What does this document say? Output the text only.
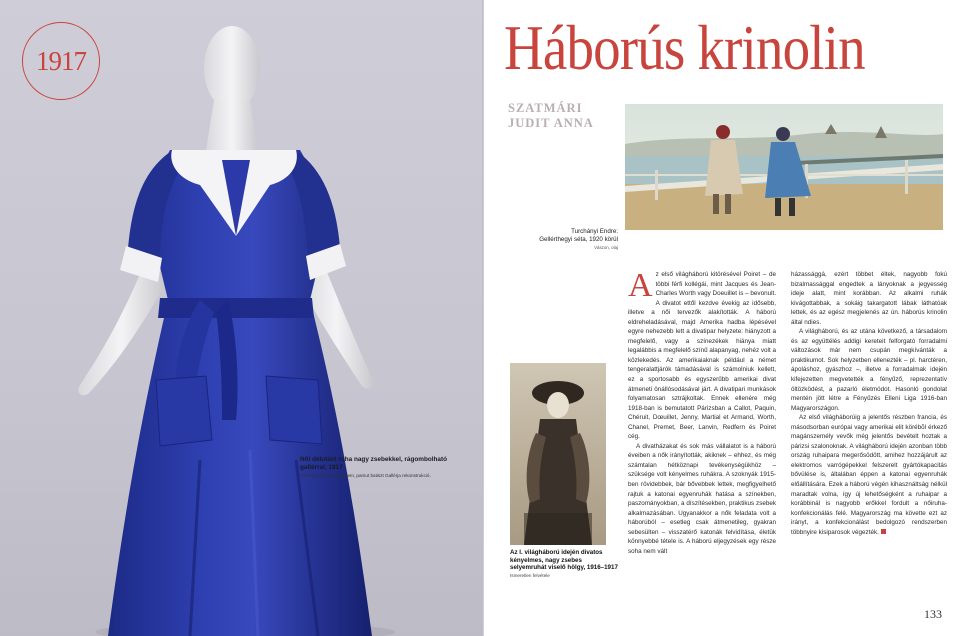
1917
Női délutáni ruha nagy zsebekkel, rágombolható gallérral, 1917
Vékony viszkóz taftselyem, pamut batiszt Gallérja rekonstrukció.
Háborús krinolin
SZATMÁRI
JUDIT ANNA
Turchányi Endre:
Gellérthegyi séta, 1920 körül
Vászon, olaj
Az I. világháború idején divatos kényelmes, nagy zsebes selyemruhát viselő hölgy, 1916–1917
Ismeretlen felvétele

Az első világháború kitörésével Poiret – de többi férfi kollégái, mint Jacques és Jean-Charles Worth vagy Doeuillet is – bevonult. A divatot ettől kezdve évekig az idősebb, illetve a női tervezők alakították. A háború eldreheladásával, majd Amerika hadba lépésével egyre nehezebb lett a divatipar helyzete: hiányzott a megfelelő, vagy a színezékek hiánya miatt legalábbis a megfelelő színű alapanyag, nehéz volt a közlekedés. Az amerikaiaknak például a német tengeralattjárók támadásával is számolniuk kellett, ez a sportosabb és egyszerűbb amerikai divat átmeneti önállósodásával járt. A divatipari munkások folyamatosan sztrájkoltak. Ennek ellenére még 1918-ban is bemutatott Párizsban a Callot, Paquin, Chéruit, Dœuillet, Jenny, Martial et Armand, Worth, Chanel, Premet, Beer, Lanvin, Redfern és Poiret cég.

A divatházakat és sok más vállalatot is a háború éveiben a nők irányították, akiknek – ehhez, és még számtalan hétköznapi tevékenységükhöz – szüksége volt kényelmes ruhákra. A szoknyák 1915-ben rövidebbek, bár bővebbek lettek, megfigyelhető rajtuk a katonai egyenruhák hatása a színekben, paszományokban, a díszítésekben, praktikus zsebek alkalmazásában. Ugyanakkor a nők feladata volt a háborúból – esetleg csak átmenetileg, gyakran sebesülten – visszatérő katonák felvidítása, életük könnyebbé tétele is. A háború eljegyzések egy része soha nem vált

házassággá, ezért többet éltek, nagyobb fokú bizalmassággal engedtek a lányoknak a jegyesség ideje alatt, mint korábban. Az alkalmi ruhák kivágottabbak, a sokáig takargatott lábak láthatóak lettek, és az egész megjelenés az ún. háborús krinolin által ndies.

A világháború, és az utána következő, a társadalom és az együttélés addigi kereteit felforgató forradalmi változások már nem csupán megkívánták a praktikumot. Sok helyzetben ellenezték – pl. harctéren, ápoláshoz, gyászhoz –, illetve a forradalmak idején kifejezetten megvetették a fényűző, reprezentatív öltözködést, a pazarló életmódot. Hasonló gondolat mentén jött létre a Fényűzés Elleni Liga 1916-ban Magyarországon.

Az első világháborúig a jelentős részben francia, és másodsorban európai vagy amerikai elit körébõl érkező magánszemély vevők még jelentős bevételt hoztak a párizsi szalonoknak. A világháború idején azonban több ország ruhaipara megerősödött, amihez hozzájárult az elektromos varrógépekkel felszerelt gyártókapacitás bővülése is, általában éppen a katonai egyenruhák előállítására. Ezek a háború végén kihasználtság nélkül maradtak volna, így új lehetőségként a ruhaipar a korábbinál is nagyobb erőkkel fordult a nőiruha-konfekcionálás felé. Magyarország ma követte ezt az irányt, a konfekcionálást bedolgozó rendszerben többnyire kisiparosok végezték.

133
